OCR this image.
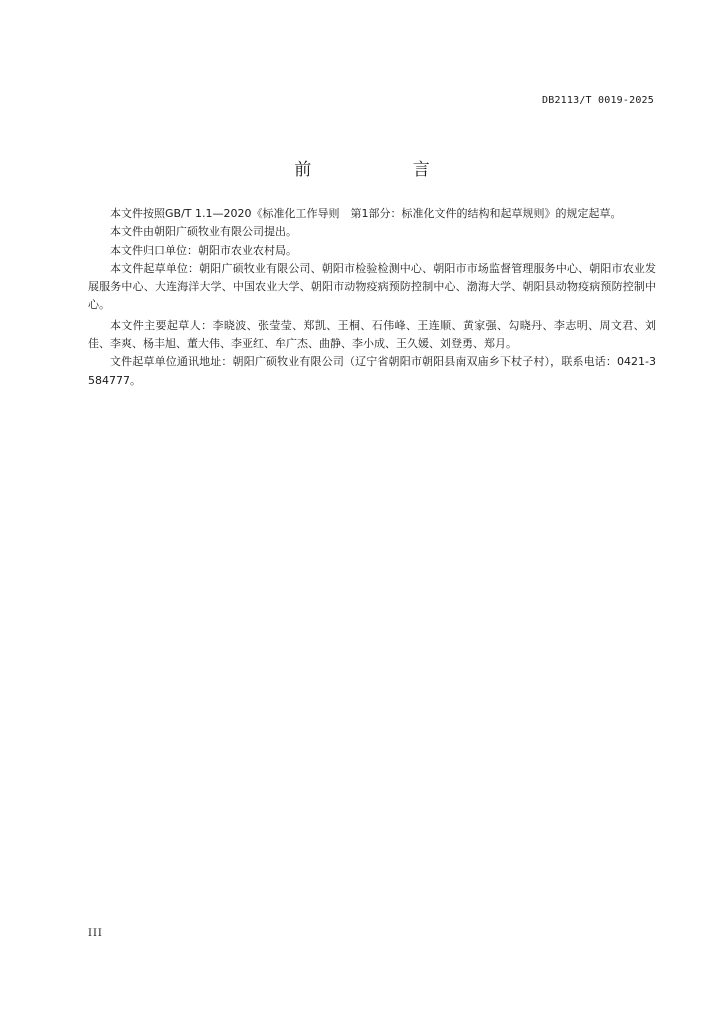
DB2113/T 0019-2025
前 言

本文件按照GB/T 1.1—2020《标准化工作导则　第1部分：标准化文件的结构和起草规则》的规定起草。

本文件由朝阳广硕牧业有限公司提出。

本文件归口单位：朝阳市农业农村局。

本文件起草单位：朝阳广硕牧业有限公司、朝阳市检验检测中心、朝阳市市场监督管理服务中心、朝阳市农业发展服务中心、大连海洋大学、中国农业大学、朝阳市动物疫病预防控制中心、渤海大学、朝阳县动物疫病预防控制中心。

本文件主要起草人：李晓波、张莹莹、郑凯、王桐、石伟峰、王连顺、黄家强、勾晓丹、李志明、周文君、刘佳、李爽、杨丰旭、董大伟、李亚红、牟广杰、曲静、李小成、王久媛、刘登勇、郑月。

文件起草单位通讯地址：朝阳广硕牧业有限公司（辽宁省朝阳市朝阳县南双庙乡下杖子村），联系电话：0421-3584777。

III
